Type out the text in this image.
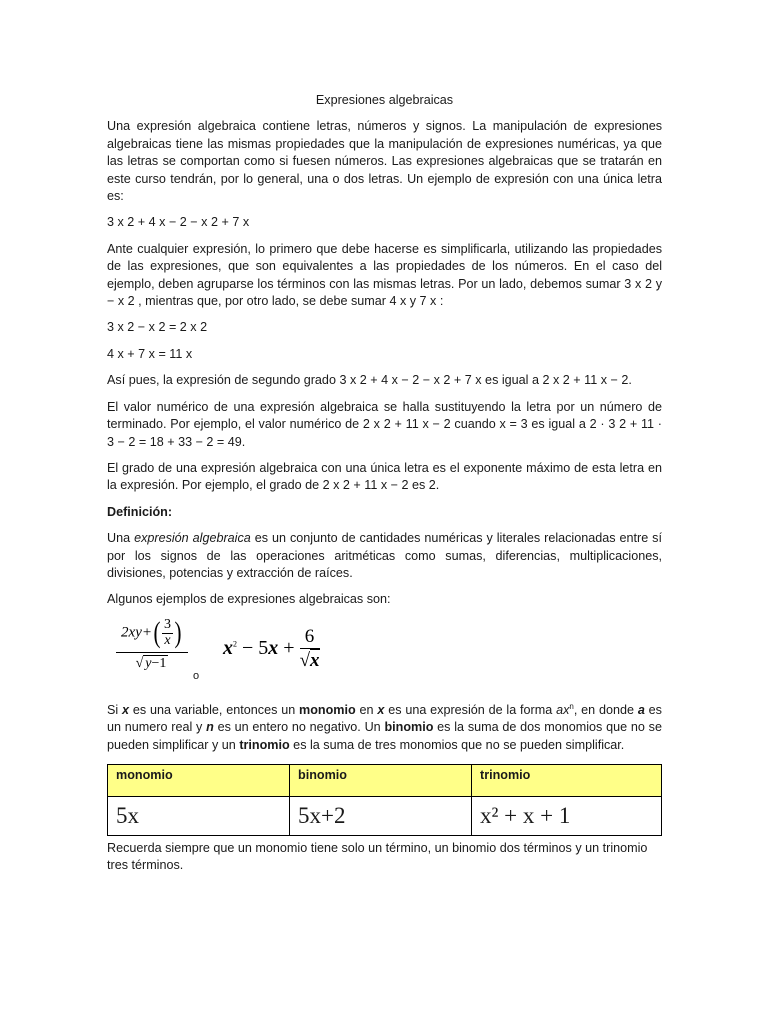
Expresiones algebraicas

Una expresión algebraica contiene letras, números y signos. La manipulación de expresiones algebraicas tiene las mismas propiedades que la manipulación de expresiones numéricas, ya que las letras se comportan como si fuesen números. Las expresiones algebraicas que se tratarán en este curso tendrán, por lo general, una o dos letras. Un ejemplo de expresión con una única letra es:

3 x 2 + 4 x − 2 − x 2 + 7 x

Ante cualquier expresión, lo primero que debe hacerse es simplificarla, utilizando las propiedades de las expresiones, que son equivalentes a las propiedades de los números. En el caso del ejemplo, deben agruparse los términos con las mismas letras. Por un lado, debemos sumar 3 x 2 y − x 2 , mientras que, por otro lado, se debe sumar 4 x y 7 x :

3 x 2 − x 2 = 2 x 2
4 x + 7 x = 11 x

Así pues, la expresión de segundo grado 3 x 2 + 4 x − 2 − x 2 + 7 x es igual a 2 x 2 + 11 x − 2.

El valor numérico de una expresión algebraica se halla sustituyendo la letra por un número de terminado. Por ejemplo, el valor numérico de 2 x 2 + 11 x − 2 cuando x = 3 es igual a 2 · 3 2 + 11 · 3 − 2 = 18 + 33 − 2 = 49.

El grado de una expresión algebraica con una única letra es el exponente máximo de esta letra en la expresión. Por ejemplo, el grado de 2 x 2 + 11 x − 2 es 2.

Definición:

Una expresión algebraica es un conjunto de cantidades numéricas y literales relacionadas entre sí por los signos de las operaciones aritméticas como sumas, diferencias, multiplicaciones, divisiones, potencias y extracción de raíces.

Algunos ejemplos de expresiones algebraicas son:

$\frac{2xy+( \frac{3}{x} )}{√ y-1}$
o
$x^2 - 5x + \frac{6}{√x}$

Si x es una variable, entonces un monomio en x es una expresión de la forma $ax^n$, en donde a es un numero real y n es un entero no negativo. Un binomio es la suma de dos monomios que no se pueden simplificar y un trinomio es la suma de tres monomios que no se pueden simplificar.

monomio	binomio	trinomio
5x	5x+2	x² + x + 1

Recuerda siempre que un monomio tiene solo un término, un binomio dos términos y un trinomio tres términos.
